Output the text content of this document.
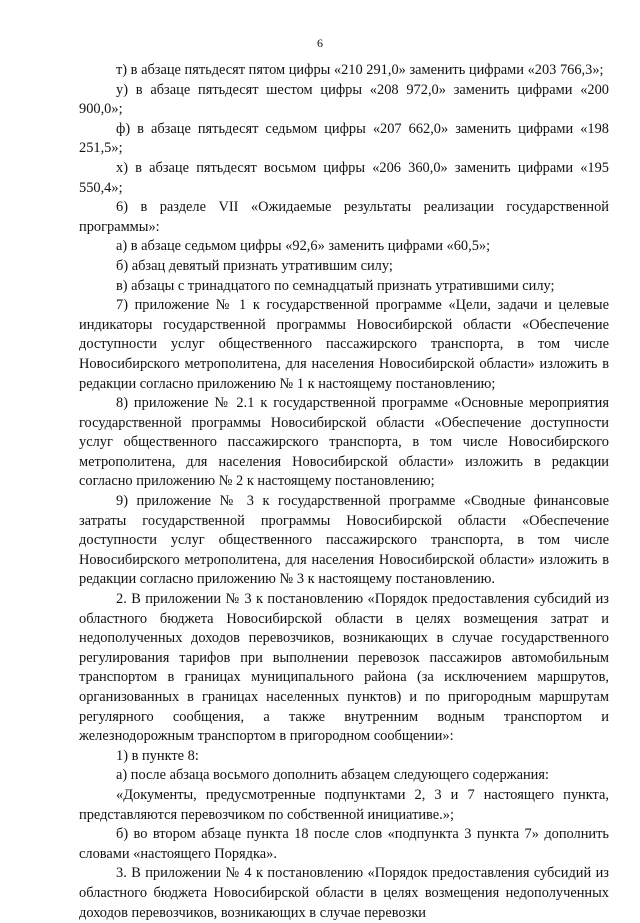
6

т) в абзаце пятьдесят пятом цифры «210 291,0» заменить цифрами «203 766,3»;

у) в абзаце пятьдесят шестом цифры «208 972,0» заменить цифрами «200 900,0»;

ф) в абзаце пятьдесят седьмом цифры «207 662,0» заменить цифрами «198 251,5»;

х) в абзаце пятьдесят восьмом цифры «206 360,0» заменить цифрами «195 550,4»;

6) в разделе VII «Ожидаемые результаты реализации государственной программы»:

а) в абзаце седьмом цифры «92,6» заменить цифрами «60,5»;

б) абзац девятый признать утратившим силу;

в) абзацы с тринадцатого по семнадцатый признать утратившими силу;

7) приложение № 1 к государственной программе «Цели, задачи и целевые индикаторы государственной программы Новосибирской области «Обеспечение доступности услуг общественного пассажирского транспорта, в том числе Новосибирского метрополитена, для населения Новосибирской области» изложить в редакции согласно приложению № 1 к настоящему постановлению;

8) приложение № 2.1 к государственной программе «Основные мероприятия государственной программы Новосибирской области «Обеспечение доступности услуг общественного пассажирского транспорта, в том числе Новосибирского метрополитена, для населения Новосибирской области» изложить в редакции согласно приложению № 2 к настоящему постановлению;

9) приложение № 3 к государственной программе «Сводные финансовые затраты государственной программы Новосибирской области «Обеспечение доступности услуг общественного пассажирского транспорта, в том числе Новосибирского метрополитена, для населения Новосибирской области» изложить в редакции согласно приложению № 3 к настоящему постановлению.

2. В приложении № 3 к постановлению «Порядок предоставления субсидий из областного бюджета Новосибирской области в целях возмещения затрат и недополученных доходов перевозчиков, возникающих в случае государственного регулирования тарифов при выполнении перевозок пассажиров автомобильным транспортом в границах муниципального района (за исключением маршрутов, организованных в границах населенных пунктов) и по пригородным маршрутам регулярного сообщения, а также внутренним водным транспортом и железнодорожным транспортом в пригородном сообщении»:

1) в пункте 8:

а) после абзаца восьмого дополнить абзацем следующего содержания:

«Документы, предусмотренные подпунктами 2, 3 и 7 настоящего пункта, представляются перевозчиком по собственной инициативе.»;

б) во втором абзаце пункта 18 после слов «подпункта 3 пункта 7» дополнить словами «настоящего Порядка».

3. В приложении № 4 к постановлению «Порядок предоставления субсидий из областного бюджета Новосибирской области в целях возмещения недополученных доходов перевозчиков, возникающих в случае перевозки
